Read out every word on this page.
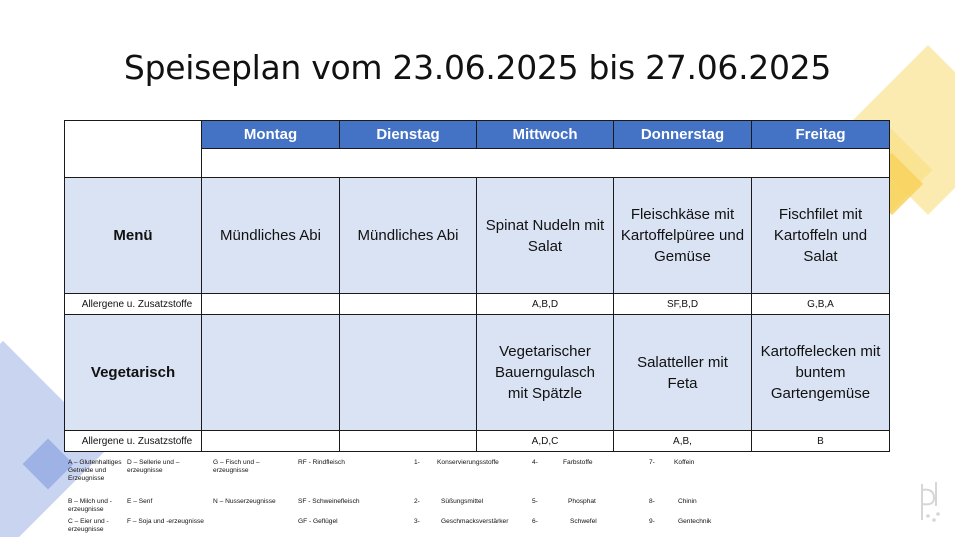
Speiseplan vom 23.06.2025 bis 27.06.2025
	Montag	Dienstag	Mittwoch	Donnerstag	Freitag

Menü	Mündliches Abi	Mündliches Abi	Spinat Nudeln mit Salat	Fleischkäse mit Kartoffelpüree und Gemüse	Fischfilet mit Kartoffeln und Salat
Allergene u. Zusatzstoffe			A,B,D	SF,B,D	G,B,A
Vegetarisch			Vegetarischer Bauerngulasch mit Spätzle	Salatteller mit Feta	Kartoffelecken mit buntem Gartengemüse
Allergene u. Zusatzstoffe			A,D,C	A,B,	B
A – Glutenhaltiges Getreide und Erzeugnisse
B – Milch und -erzeugnisse
C – Eier und -erzeugnisse
D – Sellerie und –erzeugnisse
E – Senf
F – Soja und -erzeugnisse
G – Fisch und –erzeugnisse
N – Nusserzeugnisse
RF - Rindfleisch
SF - Schweinefleisch
GF - Geflügel
1-	Konservierungsstoffe
2-	Süßungsmittel
3-	Geschmacksverstärker
4-	Farbstoffe
5-	Phosphat
6-	Schwefel
7-	Koffein
8-	Chinin
9-	Gentechnik
